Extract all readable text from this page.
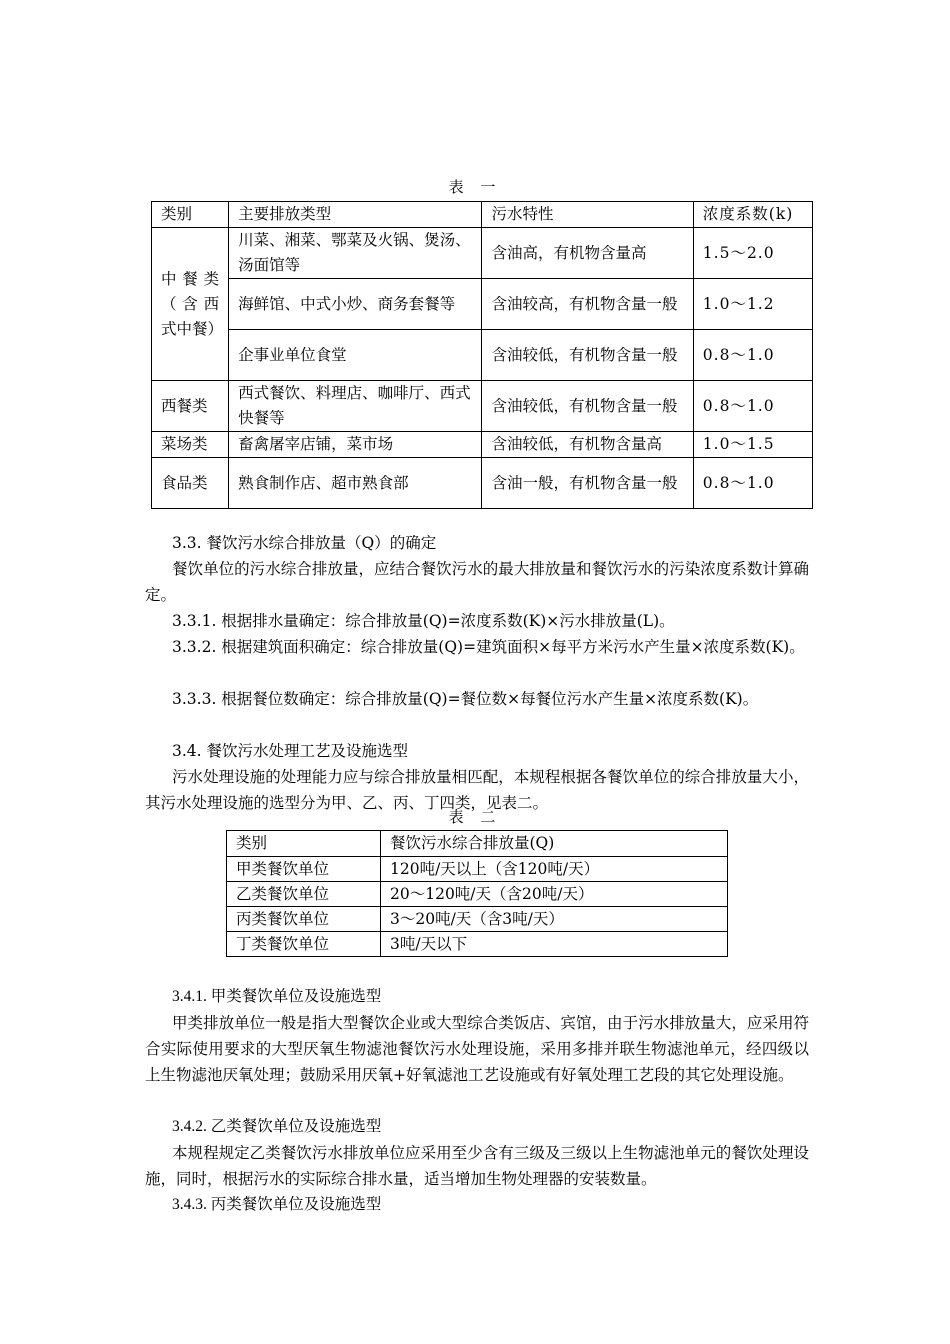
表 一
类别	主要排放类型	污水特性	浓度系数(k)
中餐类（含西式中餐）	川菜、湘菜、鄂菜及火锅、煲汤、汤面馆等	含油高，有机物含量高	1.5～2.0
	海鲜馆、中式小炒、商务套餐等	含油较高，有机物含量一般	1.0～1.2
	企事业单位食堂	含油较低，有机物含量一般	0.8～1.0
西餐类	西式餐饮、料理店、咖啡厅、西式快餐等	含油较低，有机物含量一般	0.8～1.0
菜场类	畜禽屠宰店铺，菜市场	含油较低，有机物含量高	1.0～1.5
食品类	熟食制作店、超市熟食部	含油一般，有机物含量一般	0.8～1.0
3.3. 餐饮污水综合排放量（Q）的确定
餐饮单位的污水综合排放量，应结合餐饮污水的最大排放量和餐饮污水的污染浓度系数计算确定。
3.3.1. 根据排水量确定：综合排放量(Q)=浓度系数(K)×污水排放量(L)。
3.3.2. 根据建筑面积确定：综合排放量(Q)=建筑面积×每平方米污水产生量×浓度系数(K)。
3.3.3. 根据餐位数确定：综合排放量(Q)=餐位数×每餐位污水产生量×浓度系数(K)。
3.4. 餐饮污水处理工艺及设施选型
污水处理设施的处理能力应与综合排放量相匹配，本规程根据各餐饮单位的综合排放量大小，其污水处理设施的选型分为甲、乙、丙、丁四类，见表二。
表 二
类别	餐饮污水综合排放量(Q)
甲类餐饮单位	120吨/天以上（含120吨/天）
乙类餐饮单位	20～120吨/天（含20吨/天）
丙类餐饮单位	3～20吨/天（含3吨/天）
丁类餐饮单位	3吨/天以下
3.4.1. 甲类餐饮单位及设施选型
甲类排放单位一般是指大型餐饮企业或大型综合类饭店、宾馆，由于污水排放量大，应采用符合实际使用要求的大型厌氧生物滤池餐饮污水处理设施，采用多排并联生物滤池单元，经四级以上生物滤池厌氧处理；鼓励采用厌氧+好氧滤池工艺设施或有好氧处理工艺段的其它处理设施。
3.4.2. 乙类餐饮单位及设施选型
本规程规定乙类餐饮污水排放单位应采用至少含有三级及三级以上生物滤池单元的餐饮处理设施，同时，根据污水的实际综合排水量，适当增加生物处理器的安装数量。
3.4.3. 丙类餐饮单位及设施选型
